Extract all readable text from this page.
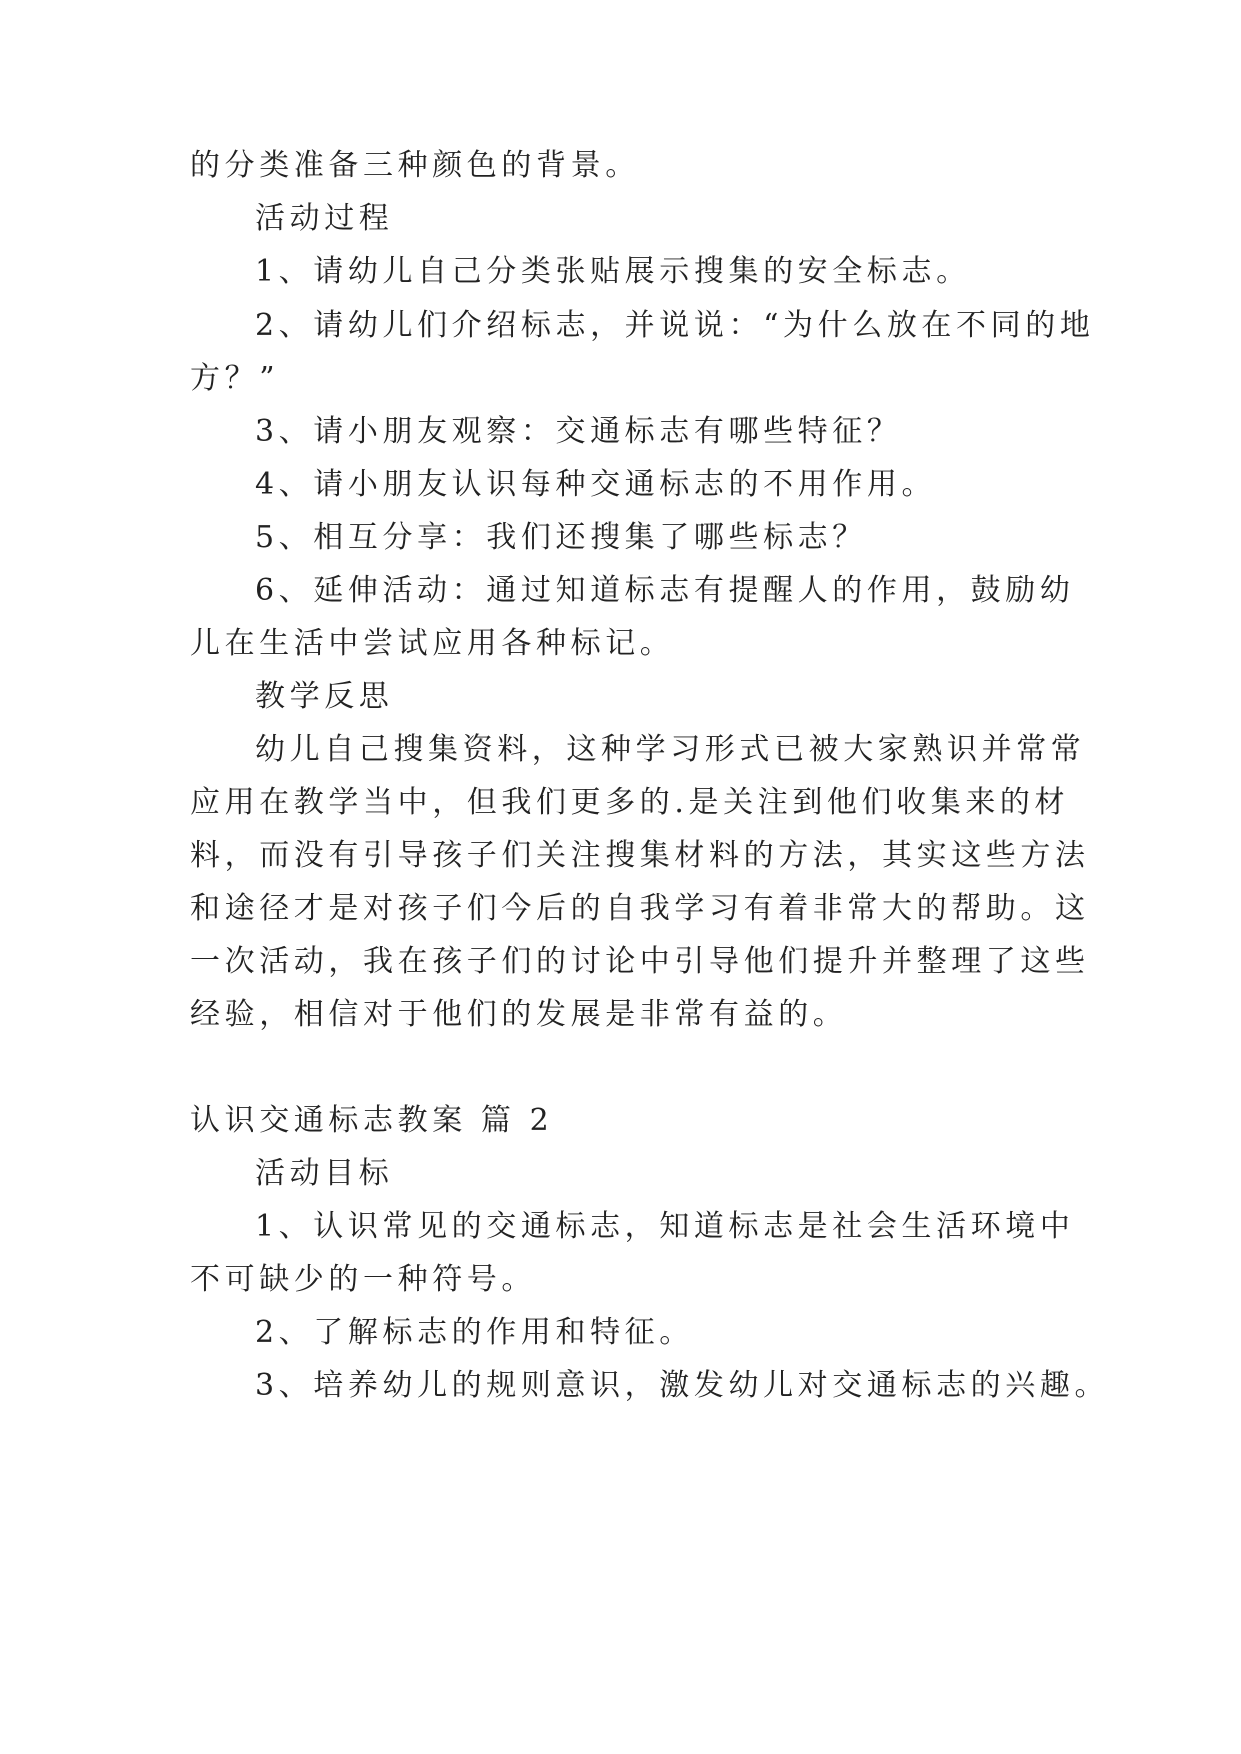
的分类准备三种颜色的背景。
活动过程
1、请幼儿自己分类张贴展示搜集的安全标志。
2、请幼儿们介绍标志，并说说：“为什么放在不同的地
方？”
3、请小朋友观察：交通标志有哪些特征？
4、请小朋友认识每种交通标志的不用作用。
5、相互分享：我们还搜集了哪些标志？
6、延伸活动：通过知道标志有提醒人的作用，鼓励幼
儿在生活中尝试应用各种标记。
教学反思
幼儿自己搜集资料，这种学习形式已被大家熟识并常常
应用在教学当中，但我们更多的.是关注到他们收集来的材
料，而没有引导孩子们关注搜集材料的方法，其实这些方法
和途径才是对孩子们今后的自我学习有着非常大的帮助。这
一次活动，我在孩子们的讨论中引导他们提升并整理了这些
经验，相信对于他们的发展是非常有益的。
认识交通标志教案 篇 2
活动目标
1、认识常见的交通标志，知道标志是社会生活环境中
不可缺少的一种符号。
2、了解标志的作用和特征。
3、培养幼儿的规则意识，激发幼儿对交通标志的兴趣。
